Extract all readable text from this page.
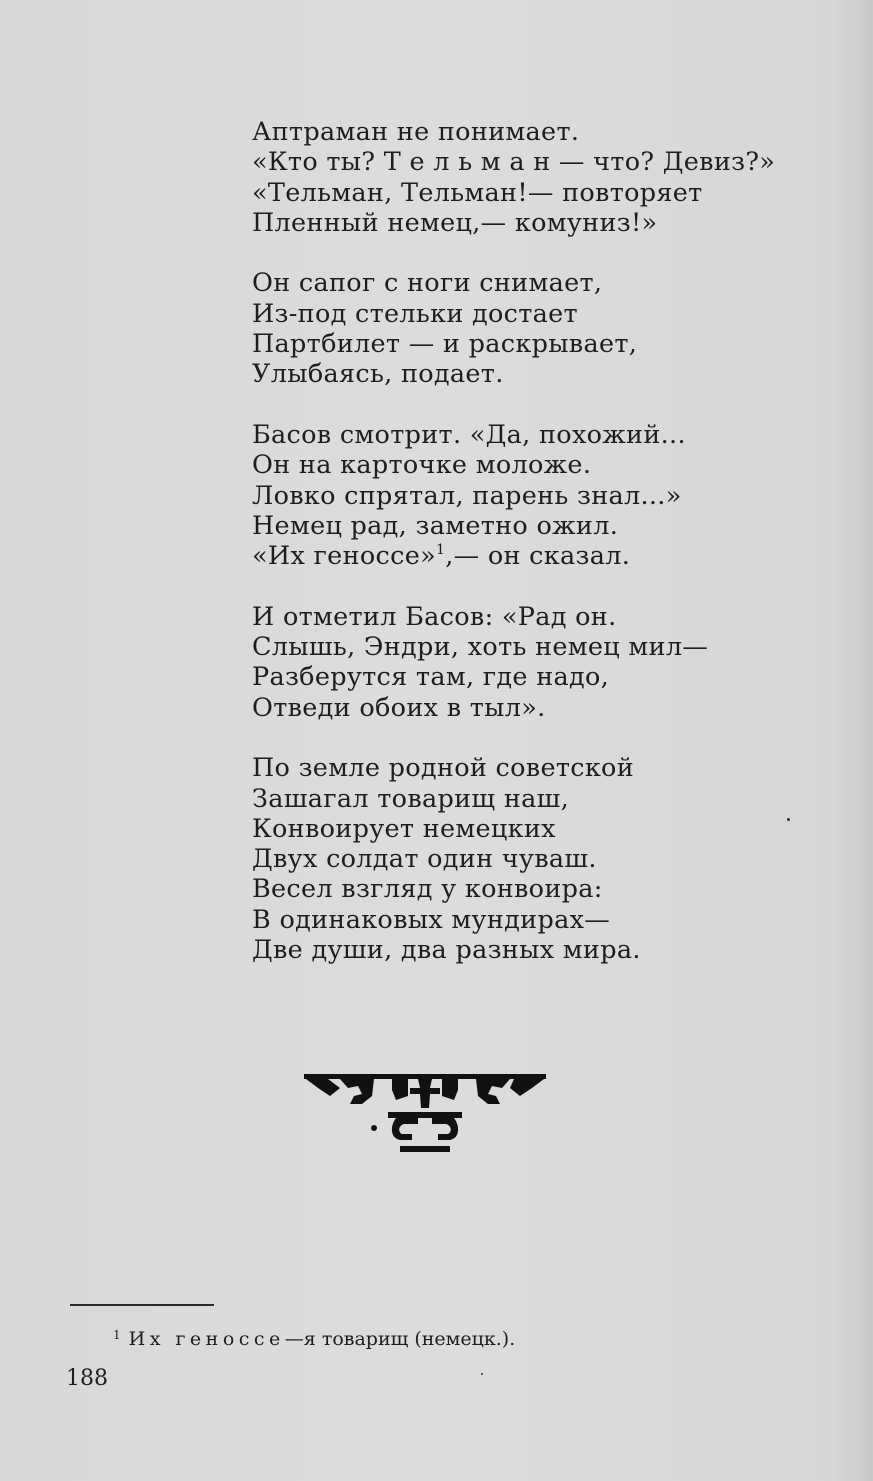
Аптраман не понимает.
«Кто ты? Т е л ь м а н — что? Девиз?»
«Тельман, Тельман!— повторяет
Пленный немец,— комуниз!»
Он сапог с ноги снимает,
Из-под стельки достает
Партбилет — и раскрывает,
Улыбаясь, подает.
Басов смотрит. «Да, похожий...
Он на карточке моложе.
Ловко спрятал, парень знал...»
Немец рад, заметно ожил.
«Их геноссе»$^1$,— он сказал.
И отметил Басов: «Рад он.
Слышь, Эндри, хоть немец мил—
Разберутся там, где надо,
Отведи обоих в тыл».
По земле родной советской
Зашагал товарищ наш,
Конвоирует немецких
Двух солдат один чуваш.
Весел взгляд у конвоира:
В одинаковых мундирах—
Две души, два разных мира.
$^1$ Их геноссе—я товарищ (немецк.).
188
